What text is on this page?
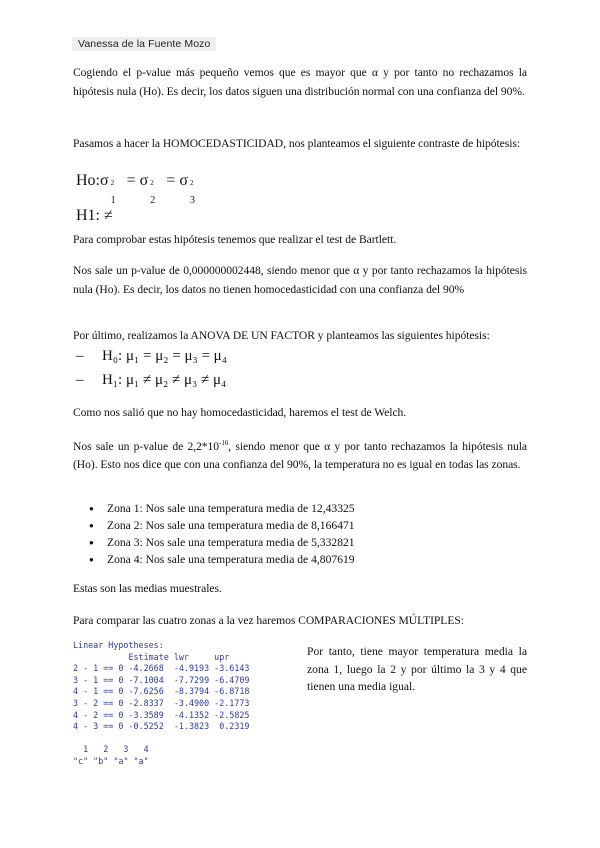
Vanessa de la Fuente Mozo

Cogiendo el p-value más pequeño vemos que es mayor que α y por tanto no rechazamos la hipótesis nula (Ho). Es decir, los datos siguen una distribución normal con una confianza del 90%.

Pasamos a hacer la HOMOCEDASTICIDAD, nos planteamos el siguiente contraste de hipótesis:

Ho:σ 2
1
= σ 2
2
= σ 2
3
H1: ≠

Para comprobar estas hipótesis tenemos que realizar el test de Bartlett.

Nos sale un p-value de 0,000000002448, siendo menor que α y por tanto rechazamos la hipótesis nula (Ho). Es decir, los datos no tienen homocedasticidad con una confianza del 90%

Por último, realizamos la ANOVA DE UN FACTOR y planteamos las siguientes hipótesis:

– H₀: μ₁ = μ₂ = μ₃ = μ₄
– H₁: μ₁ ≠ μ₂ ≠ μ₃ ≠ μ₄

Como nos salió que no hay homocedasticidad, haremos el test de Welch.

Nos sale un p-value de $2,2*10^{-16}$, siendo menor que α y por tanto rechazamos la hipótesis nula (Ho). Esto nos dice que con una confianza del 90%, la temperatura no es igual en todas las zonas.

● Zona 1: Nos sale una temperatura media de 12,43325
● Zona 2: Nos sale una temperatura media de 8,166471
● Zona 3: Nos sale una temperatura media de 5,332821
● Zona 4: Nos sale una temperatura media de 4,807619

Estas son las medias muestrales.

Para comparar las cuatro zonas a la vez haremos COMPARACIONES MÚLTIPLES:

Linear Hypotheses:
Estimate lwr     upr
2 - 1 == 0 -4.2668  -4.9193 -3.6143
3 - 1 == 0 -7.1004  -7.7299 -6.4709
4 - 1 == 0 -7.6256  -8.3794 -6.8718
3 - 2 == 0 -2.8337  -3.4900 -2.1773
4 - 2 == 0 -3.3589  -4.1352 -2.5825
4 - 3 == 0 -0.5252  -1.3823  0.2319

1   2   3   4
"c" "b" "a" "a"

Por tanto, tiene mayor temperatura media la zona 1, luego la 2 y por último la 3 y 4 que tienen una media igual.
